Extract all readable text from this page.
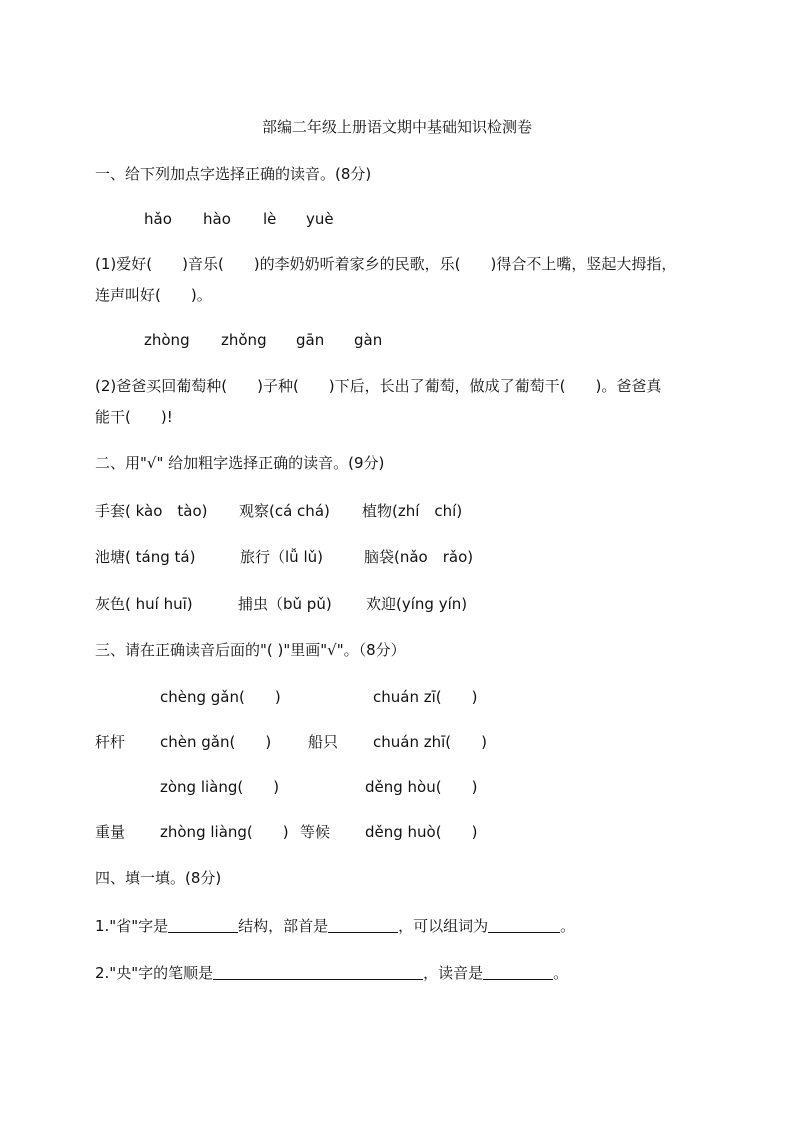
部编二年级上册语文期中基础知识检测卷
一、给下列加点字选择正确的读音。(8分)
hǎo hào lè yuè
(1)爱好(　　)音乐(　　)的李奶奶听着家乡的民歌，乐(　　)得合不上嘴，竖起大拇指，
连声叫好(　　)。
zhòng zhǒng gān gàn
(2)爸爸买回葡萄种(　　)子种(　　)下后，长出了葡萄，做成了葡萄干(　　)。爸爸真
能干(　　)!
二、用"√" 给加粗字选择正确的读音。(9分)
手套( kào　tào) 观察(cá chá) 植物(zhí　chí)
池塘( táng tá)	旅行（lǚ lǔ)	脑袋(nǎo　rǎo)
灰色( huí huī)	捕虫（bǔ pǔ) 欢迎(yíng yín)
三、请在正确读音后面的"( )"里画"√"。（8分）
chèng gǎn(　　)	chuán zī(　　)
秆杆 chèn gǎn(　　) 船只 chuán zhī(　　)
zòng liàng(　　)	děng hòu(　　)
重量 zhòng liàng(　　) 等候 děng huò(　　)
四、填一填。(8分)
1."省"字是	结构，部首是	，可以组词为	。
2."央"字的笔顺是	，读音是	。
